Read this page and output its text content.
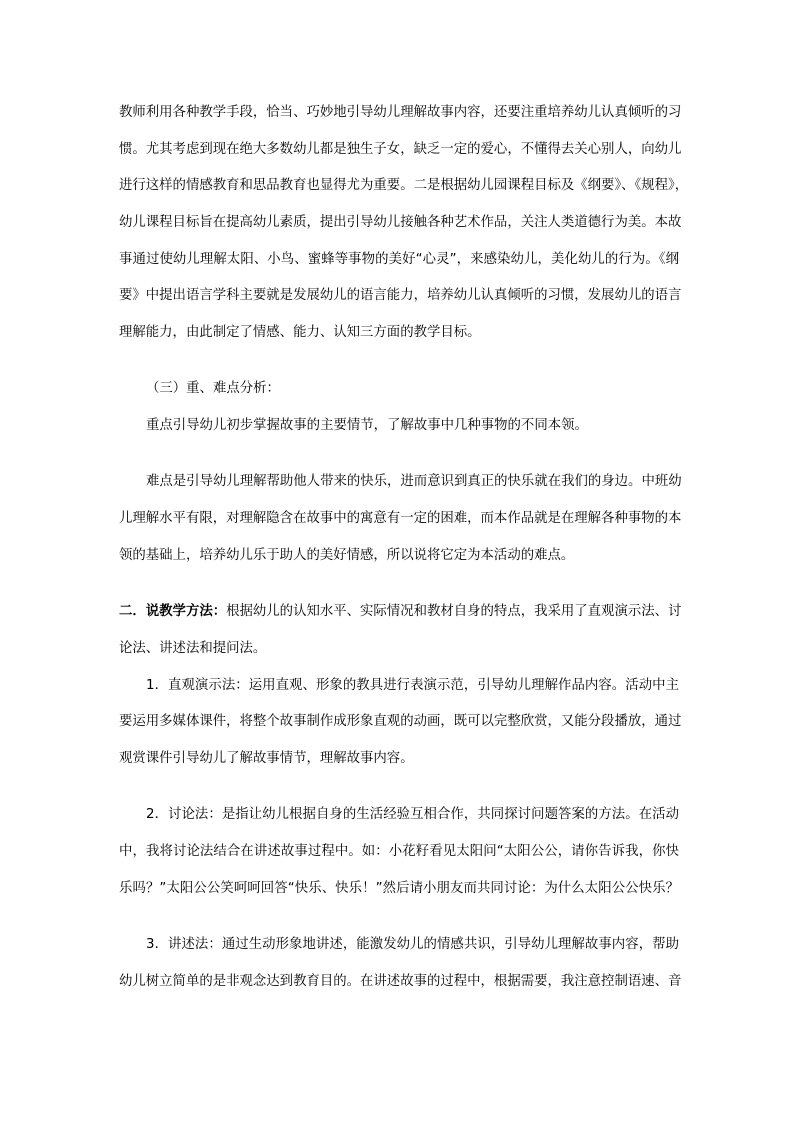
教师利用各种教学手段，恰当、巧妙地引导幼儿理解故事内容，还要注重培养幼儿认真倾听的习
惯。尤其考虑到现在绝大多数幼儿都是独生子女，缺乏一定的爱心，不懂得去关心别人，向幼儿
进行这样的情感教育和思品教育也显得尤为重要。二是根据幼儿园课程目标及《纲要》、《规程》，
幼儿课程目标旨在提高幼儿素质，提出引导幼儿接触各种艺术作品，关注人类道德行为美。本故
事通过使幼儿理解太阳、小鸟、蜜蜂等事物的美好“心灵”，来感染幼儿，美化幼儿的行为。《纲
要》中提出语言学科主要就是发展幼儿的语言能力，培养幼儿认真倾听的习惯，发展幼儿的语言
理解能力，由此制定了情感、能力、认知三方面的教学目标。
（三）重、难点分析：
重点引导幼儿初步掌握故事的主要情节，了解故事中几种事物的不同本领。
难点是引导幼儿理解帮助他人带来的快乐，进而意识到真正的快乐就在我们的身边。中班幼
儿理解水平有限，对理解隐含在故事中的寓意有一定的困难，而本作品就是在理解各种事物的本
领的基础上，培养幼儿乐于助人的美好情感，所以说将它定为本活动的难点。
二．说教学方法：根据幼儿的认知水平、实际情况和教材自身的特点，我采用了直观演示法、讨
论法、讲述法和提问法。
1．直观演示法：运用直观、形象的教具进行表演示范，引导幼儿理解作品内容。活动中主
要运用多媒体课件，将整个故事制作成形象直观的动画，既可以完整欣赏，又能分段播放，通过
观赏课件引导幼儿了解故事情节，理解故事内容。
2．讨论法：是指让幼儿根据自身的生活经验互相合作，共同探讨问题答案的方法。在活动
中，我将讨论法结合在讲述故事过程中。如：小花籽看见太阳问“太阳公公，请你告诉我，你快
乐吗？”太阳公公笑呵呵回答“快乐、快乐！”然后请小朋友而共同讨论：为什么太阳公公快乐？
3．讲述法：通过生动形象地讲述，能激发幼儿的情感共识，引导幼儿理解故事内容，帮助
幼儿树立简单的是非观念达到教育目的。在讲述故事的过程中，根据需要，我注意控制语速、音
